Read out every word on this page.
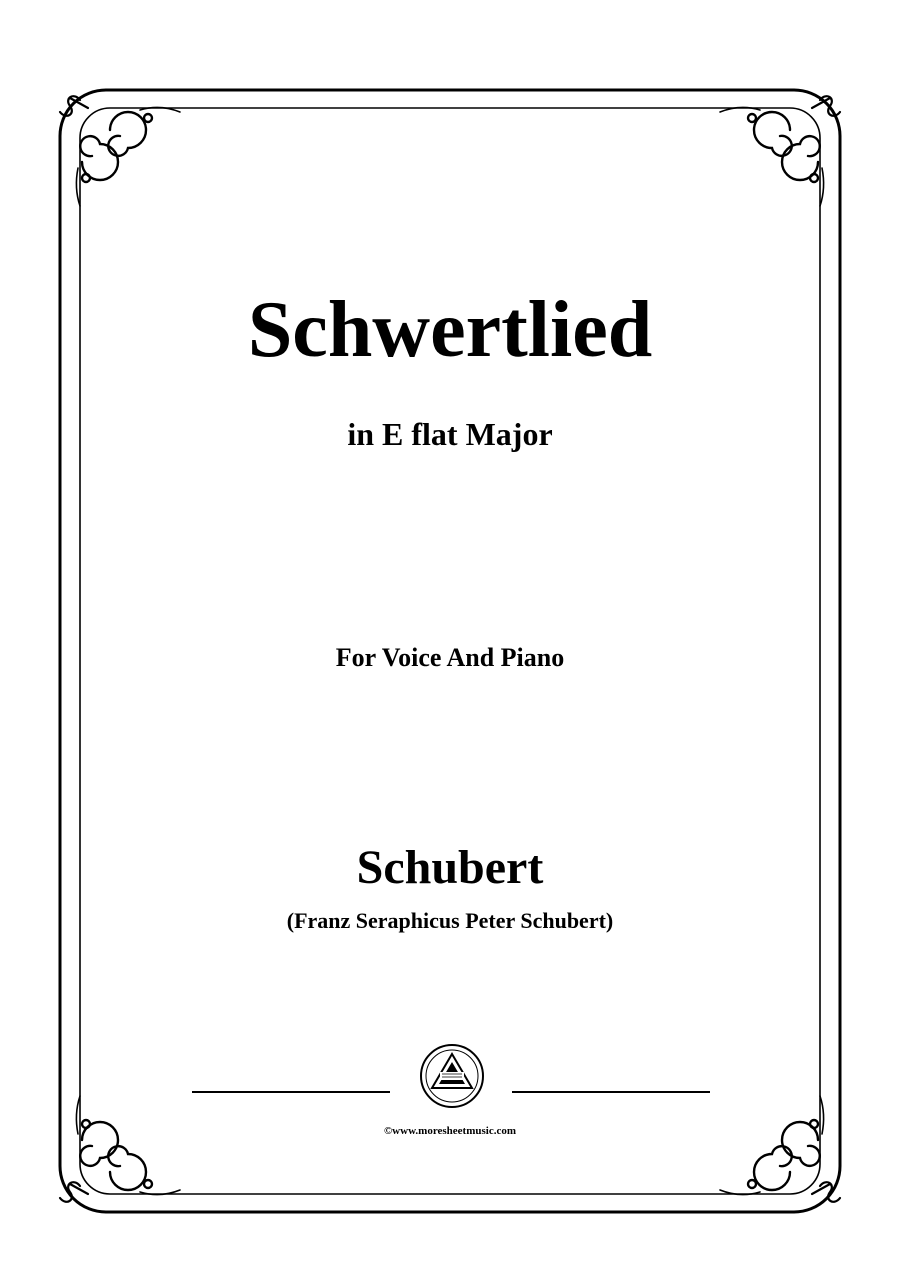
Schwertlied
in E flat Major
For Voice And Piano
Schubert
(Franz Seraphicus Peter Schubert)
©www.moresheetmusic.com
